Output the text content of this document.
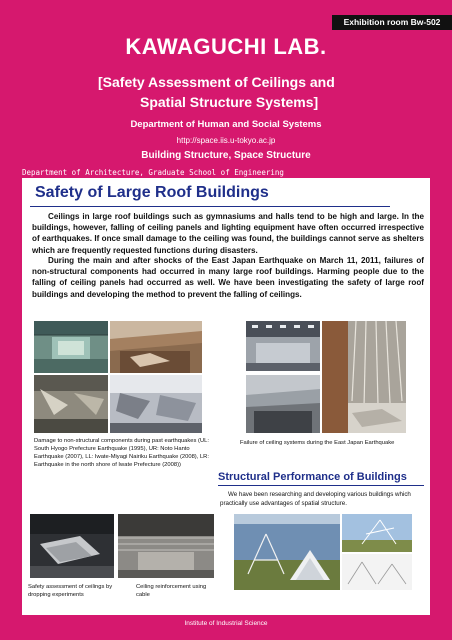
Exhibition room Bw-502
KAWAGUCHI LAB.
[Safety Assessment of Ceilings and
Spatial Structure Systems]
Department of Human and Social Systems
http://space.iis.u-tokyo.ac.jp
Building Structure, Space Structure
Department of Architecture, Graduate School of Engineering
Safety of Large Roof Buildings

Ceilings in large roof buildings such as gymnasiums and halls tend to be high and large. In the buildings, however, falling of ceiling panels and lighting equipment have often occurred irrespective of earthquakes. If once small damage to the ceiling was found, the buildings cannot serve as shelters which are frequently requested functions during disasters.

During the main and after shocks of the East Japan Earthquake on March 11, 2011, failures of non-structural components had occurred in many large roof buildings. Harming people due to the falling of ceiling panels had occurred as well. We have been investigating the safety of large roof buildings and developing the method to prevent the falling of ceilings.

Damage to non-structural components during past earthquakes (UL: South Hyogo Prefecture Earthquake (1995), UR: Noto Hanto Earthquake (2007), LL: Iwate-Miyagi Nairiku Earthquake (2008), LR: Earthquake in the north shore of Iwate Prefecture (2008))
Failure of ceiling systems during the East Japan Earthquake
Structural Performance of Buildings
We have been researching and developing various buildings which practically use advantages of spatial structure.
Safety assessment of ceilings by dropping experiments
Ceiling reinforcement using cable
Institute of Industrial Science
